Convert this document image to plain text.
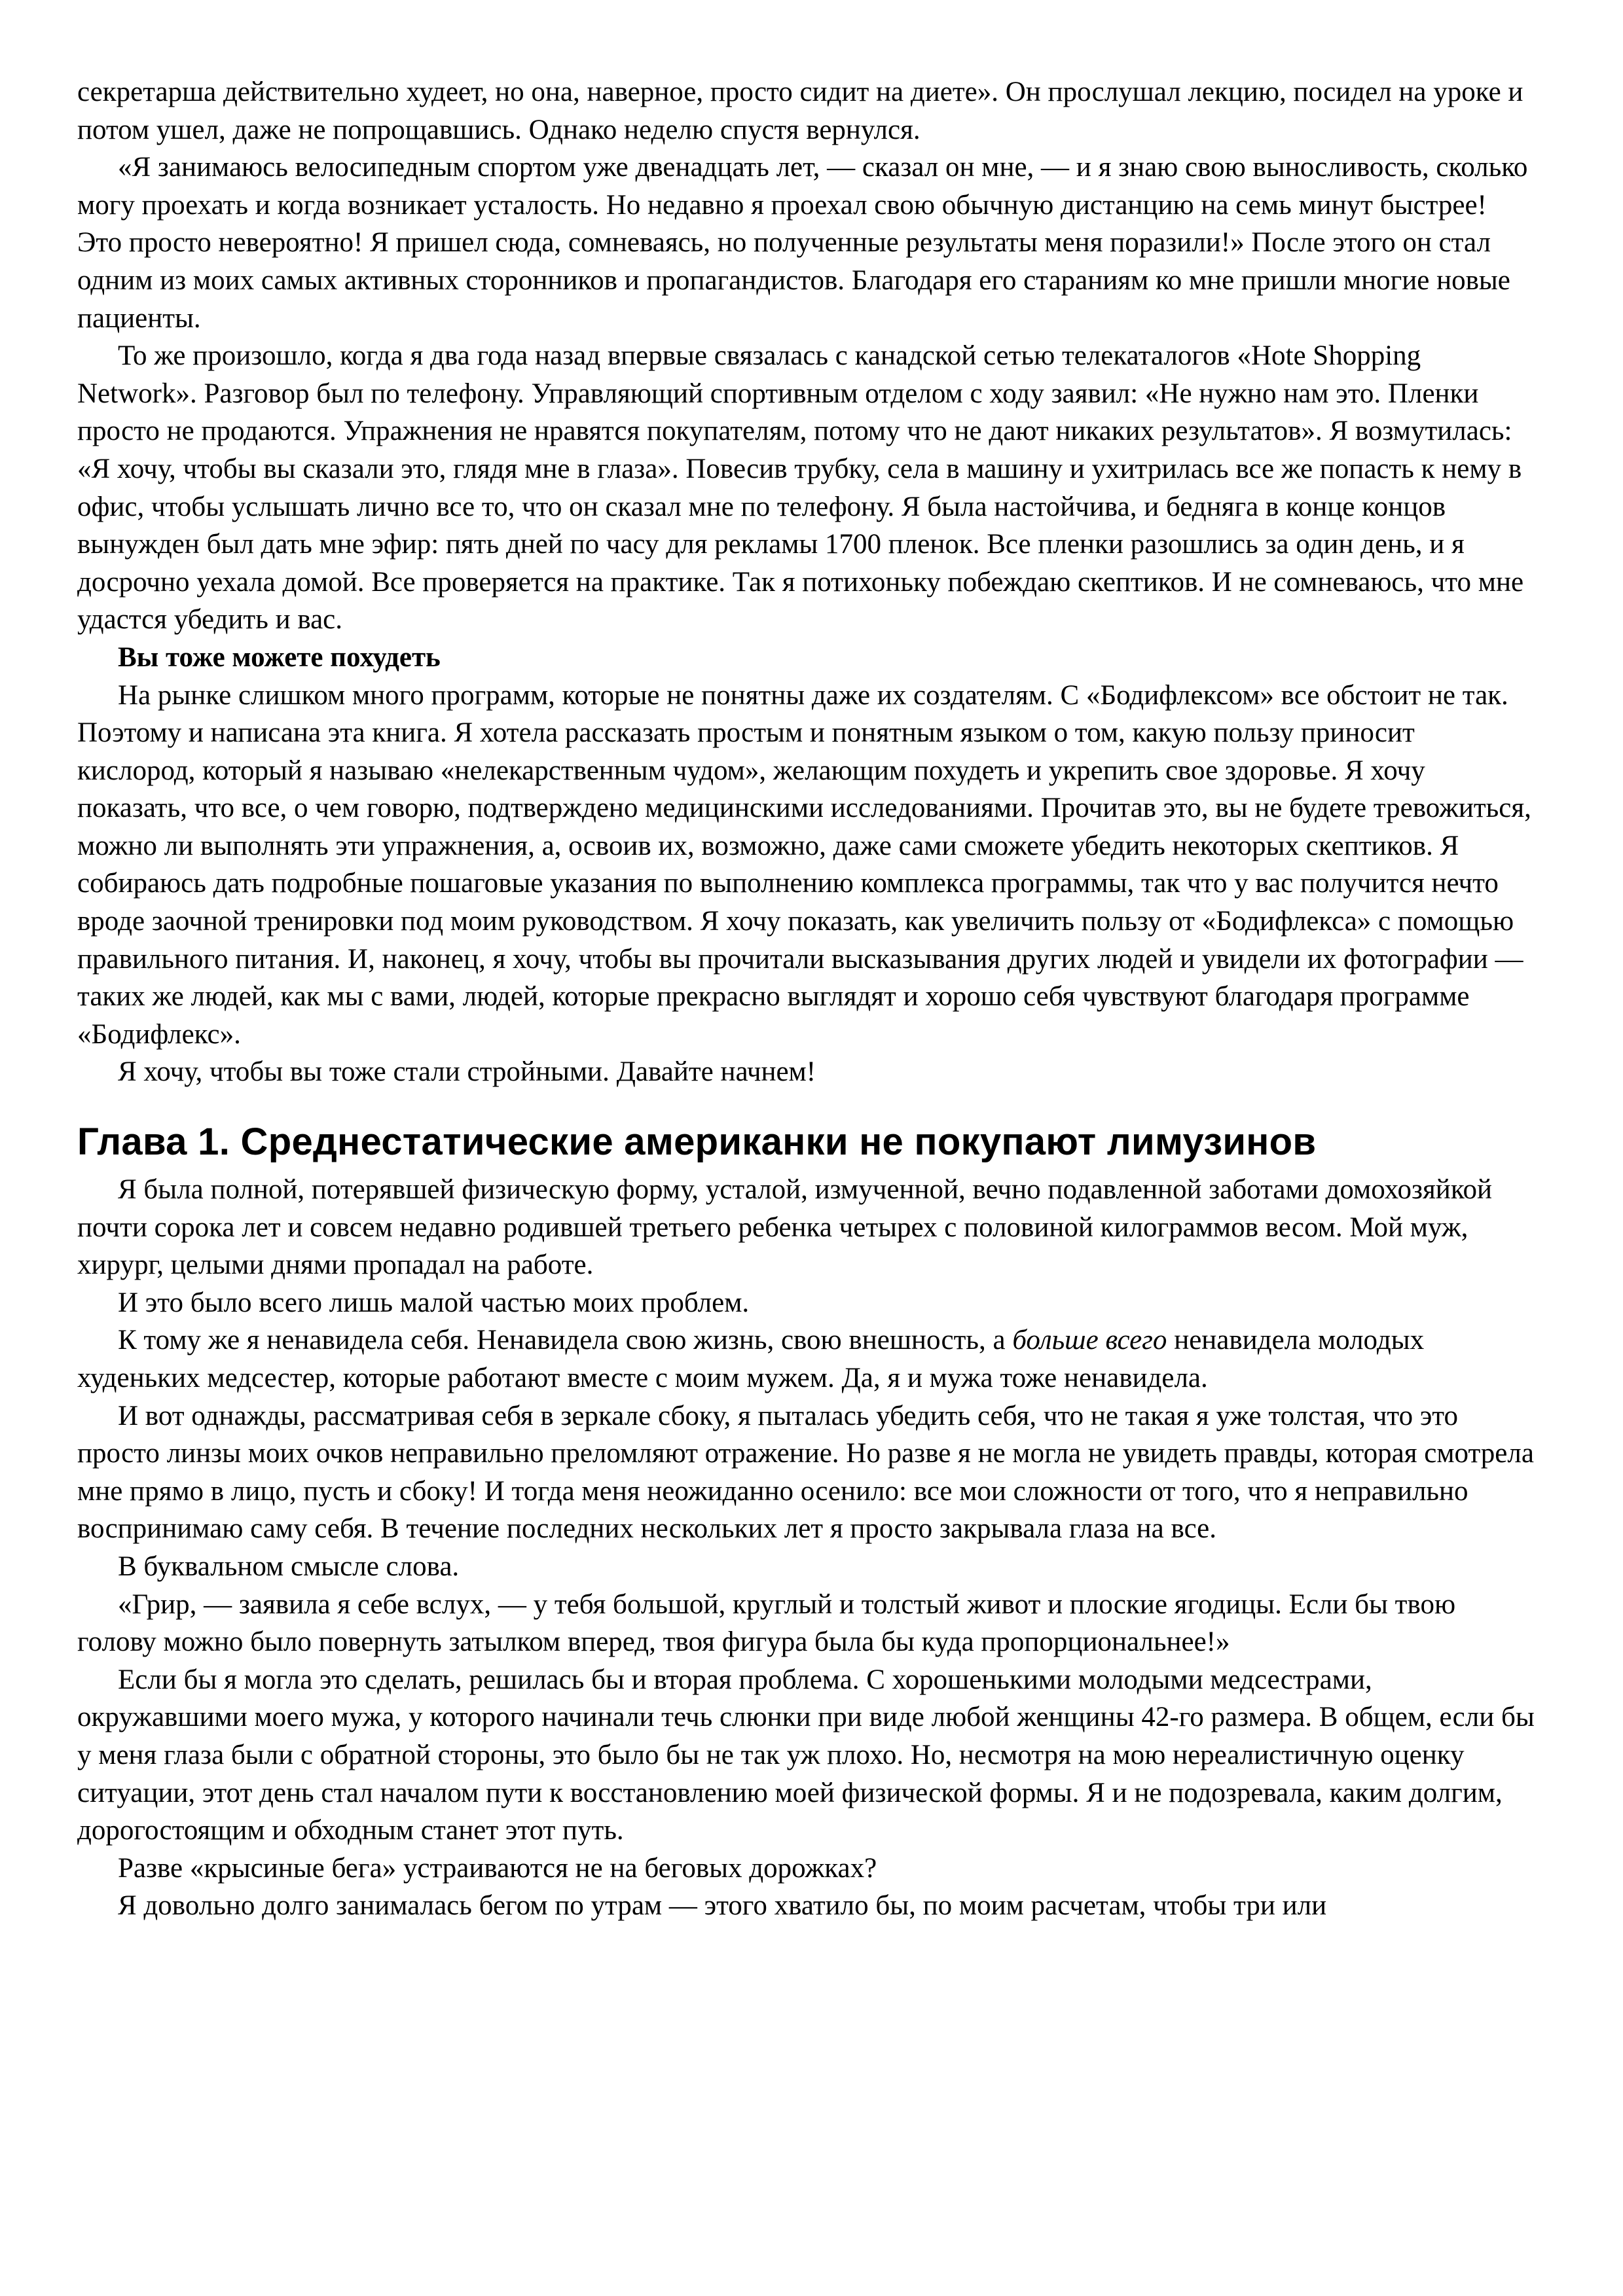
секретарша действительно худеет, но она, наверное, просто сидит на диете». Он прослушал лекцию, посидел на уроке и потом ушел, даже не попрощавшись. Однако неделю спустя вернулся.

«Я занимаюсь велосипедным спортом уже двенадцать лет, — сказал он мне, — и я знаю свою выносливость, сколько могу проехать и когда возникает усталость. Но недавно я проехал свою обычную дистанцию на семь минут быстрее! Это просто невероятно! Я пришел сюда, сомневаясь, но полученные результаты меня поразили!» После этого он стал одним из моих самых активных сторонников и пропагандистов. Благодаря его стараниям ко мне пришли многие новые пациенты.

То же произошло, когда я два года назад впервые связалась с канадской сетью телекаталогов «Hote Shopping Network». Разговор был по телефону. Управляющий спортивным отделом с ходу заявил: «Не нужно нам это. Пленки просто не продаются. Упражнения не нравятся покупателям, потому что не дают никаких результатов». Я возмутилась: «Я хочу, чтобы вы сказали это, глядя мне в глаза». Повесив трубку, села в машину и ухитрилась все же попасть к нему в офис, чтобы услышать лично все то, что он сказал мне по телефону. Я была настойчива, и бедняга в конце концов вынужден был дать мне эфир: пять дней по часу для рекламы 1700 пленок. Все пленки разошлись за один день, и я досрочно уехала домой. Все проверяется на практике. Так я потихоньку побеждаю скептиков. И не сомневаюсь, что мне удастся убедить и вас.

Вы тоже можете похудеть

На рынке слишком много программ, которые не понятны даже их создателям. С «Бодифлексом» все обстоит не так. Поэтому и написана эта книга. Я хотела рассказать простым и понятным языком о том, какую пользу приносит кислород, который я называю «нелекарственным чудом», желающим похудеть и укрепить свое здоровье. Я хочу показать, что все, о чем говорю, подтверждено медицинскими исследованиями. Прочитав это, вы не будете тревожиться, можно ли выполнять эти упражнения, а, освоив их, возможно, даже сами сможете убедить некоторых скептиков. Я собираюсь дать подробные пошаговые указания по выполнению комплекса программы, так что у вас получится нечто вроде заочной тренировки под моим руководством. Я хочу показать, как увеличить пользу от «Бодифлекса» с помощью правильного питания. И, наконец, я хочу, чтобы вы прочитали высказывания других людей и увидели их фотографии — таких же людей, как мы с вами, людей, которые прекрасно выглядят и хорошо себя чувствуют благодаря программе «Бодифлекс».

Я хочу, чтобы вы тоже стали стройными. Давайте начнем!

Глава 1. Среднестатические американки не покупают лимузинов

Я была полной, потерявшей физическую форму, усталой, измученной, вечно подавленной заботами домохозяйкой почти сорока лет и совсем недавно родившей третьего ребенка четырех с половиной килограммов весом. Мой муж, хирург, целыми днями пропадал на работе.

И это было всего лишь малой частью моих проблем.

К тому же я ненавидела себя. Ненавидела свою жизнь, свою внешность, а больше всего ненавидела молодых худеньких медсестер, которые работают вместе с моим мужем. Да, я и мужа тоже ненавидела.

И вот однажды, рассматривая себя в зеркале сбоку, я пыталась убедить себя, что не такая я уже толстая, что это просто линзы моих очков неправильно преломляют отражение. Но разве я не могла не увидеть правды, которая смотрела мне прямо в лицо, пусть и сбоку! И тогда меня неожиданно осенило: все мои сложности от того, что я неправильно воспринимаю саму себя. В течение последних нескольких лет я просто закрывала глаза на все.

В буквальном смысле слова.

«Грир, — заявила я себе вслух, — у тебя большой, круглый и толстый живот и плоские ягодицы. Если бы твою голову можно было повернуть затылком вперед, твоя фигура была бы куда пропорциональнее!»

Если бы я могла это сделать, решилась бы и вторая проблема. С хорошенькими молодыми медсестрами, окружавшими моего мужа, у которого начинали течь слюнки при виде любой женщины 42-го размера. В общем, если бы у меня глаза были с обратной стороны, это было бы не так уж плохо. Но, несмотря на мою нереалистичную оценку ситуации, этот день стал началом пути к восстановлению моей физической формы. Я и не подозревала, каким долгим, дорогостоящим и обходным станет этот путь.

Разве «крысиные бега» устраиваются не на беговых дорожках?

Я довольно долго занималась бегом по утрам — этого хватило бы, по моим расчетам, чтобы три или
